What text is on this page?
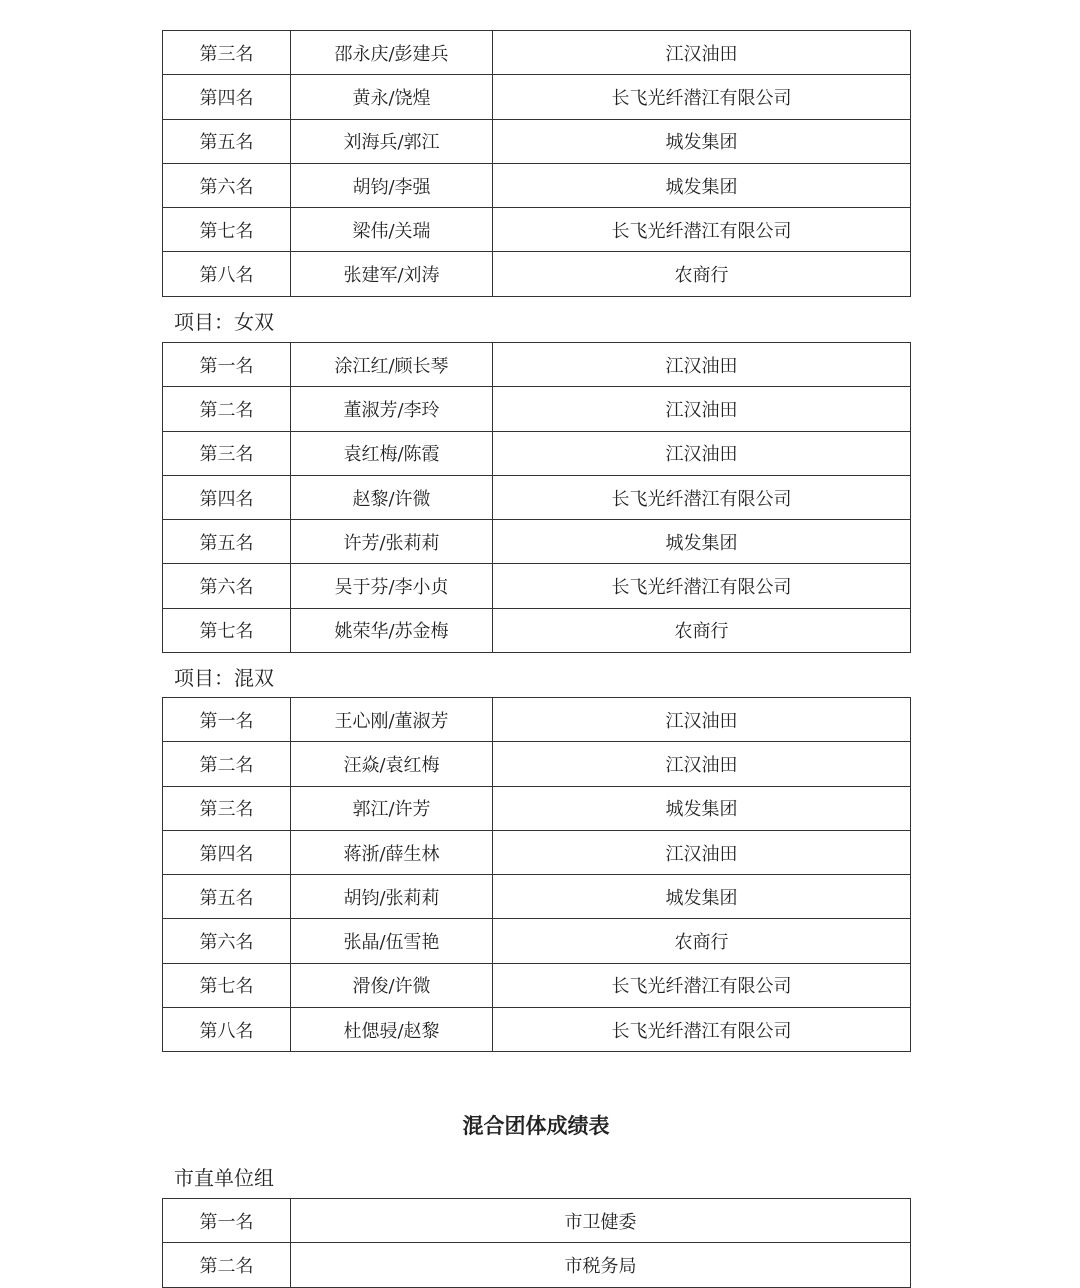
第三名	邵永庆/彭建兵	江汉油田
第四名	黄永/饶煌	长飞光纤潜江有限公司
第五名	刘海兵/郭江	城发集团
第六名	胡钧/李强	城发集团
第七名	梁伟/关瑞	长飞光纤潜江有限公司
第八名	张建军/刘涛	农商行
项目：女双
第一名	涂江红/顾长琴	江汉油田
第二名	董淑芳/李玲	江汉油田
第三名	袁红梅/陈霞	江汉油田
第四名	赵黎/许微	长飞光纤潜江有限公司
第五名	许芳/张莉莉	城发集团
第六名	吴于芬/李小贞	长飞光纤潜江有限公司
第七名	姚荣华/苏金梅	农商行
项目：混双
第一名	王心刚/董淑芳	江汉油田
第二名	汪焱/袁红梅	江汉油田
第三名	郭江/许芳	城发集团
第四名	蒋浙/薛生林	江汉油田
第五名	胡钧/张莉莉	城发集团
第六名	张晶/伍雪艳	农商行
第七名	滑俊/许微	长飞光纤潜江有限公司
第八名	杜偲骎/赵黎	长飞光纤潜江有限公司
混合团体成绩表
市直单位组
第一名	市卫健委
第二名	市税务局
